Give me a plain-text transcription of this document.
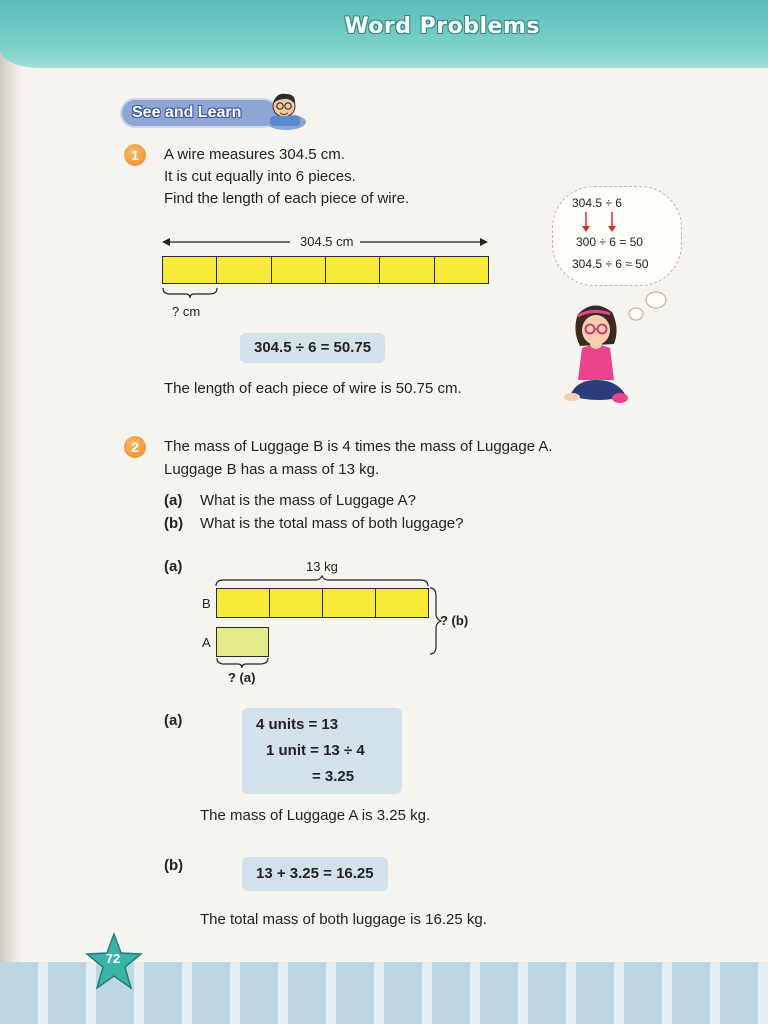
Word Problems
See and Learn
1	A wire measures 304.5 cm.
It is cut equally into 6 pieces.
Find the length of each piece of wire.
304.5 cm
? cm
304.5 ÷ 6 = 50.75
The length of each piece of wire is 50.75 cm.
304.5 ÷ 6
300 ÷ 6 = 50
304.5 ÷ 6 ≈ 50
2	The mass of Luggage B is 4 times the mass of Luggage A.
Luggage B has a mass of 13 kg.
(a) What is the mass of Luggage A?
(b) What is the total mass of both luggage?
(a)	13 kg
B
A
? (b)
? (a)
(a)	4 units = 13
1 unit = 13 ÷ 4
= 3.25
The mass of Luggage A is 3.25 kg.
(b)	13 + 3.25 = 16.25
The total mass of both luggage is 16.25 kg.
72
